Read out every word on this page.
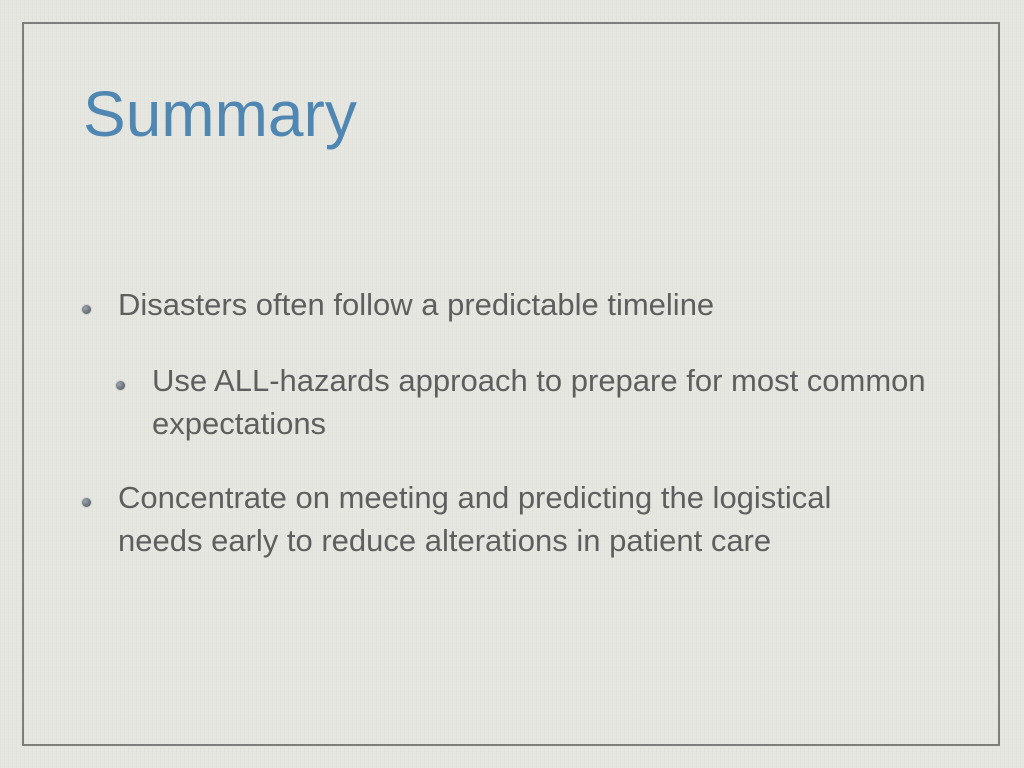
Summary
Disasters often follow a predictable timeline
Use ALL-hazards approach to prepare for most common expectations
Concentrate on meeting and predicting the logistical needs early to reduce alterations in patient care
